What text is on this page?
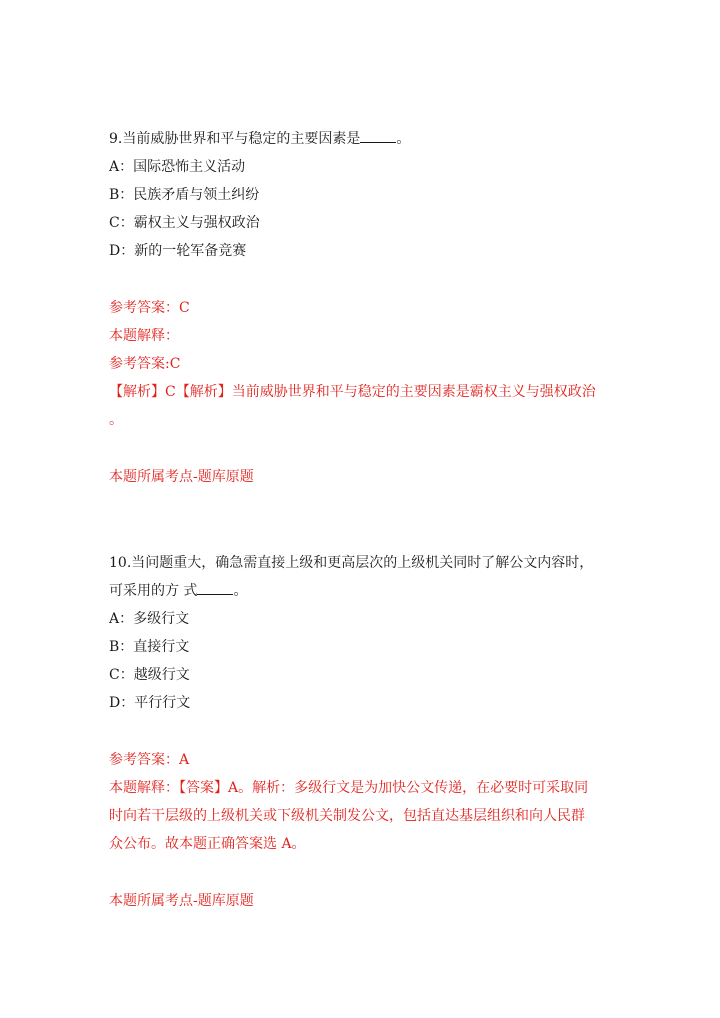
9.当前威胁世界和平与稳定的主要因素是	。
A：国际恐怖主义活动
B：民族矛盾与领土纠纷
C：霸权主义与强权政治
D：新的一轮军备竞赛
参考答案：C
本题解释：
参考答案:C
【解析】C【解析】当前威胁世界和平与稳定的主要因素是霸权主义与强权政治
。
本题所属考点-题库原题
10.当问题重大，确急需直接上级和更高层次的上级机关同时了解公文内容时，
可采用的方 式	。
A：多级行文
B：直接行文
C：越级行文
D：平行行文
参考答案：A
本题解释：【答案】A。解析：多级行文是为加快公文传递，在必要时可采取同
时向若干层级的上级机关或下级机关制发公文，包括直达基层组织和向人民群
众公布。故本题正确答案选 A。
本题所属考点-题库原题
